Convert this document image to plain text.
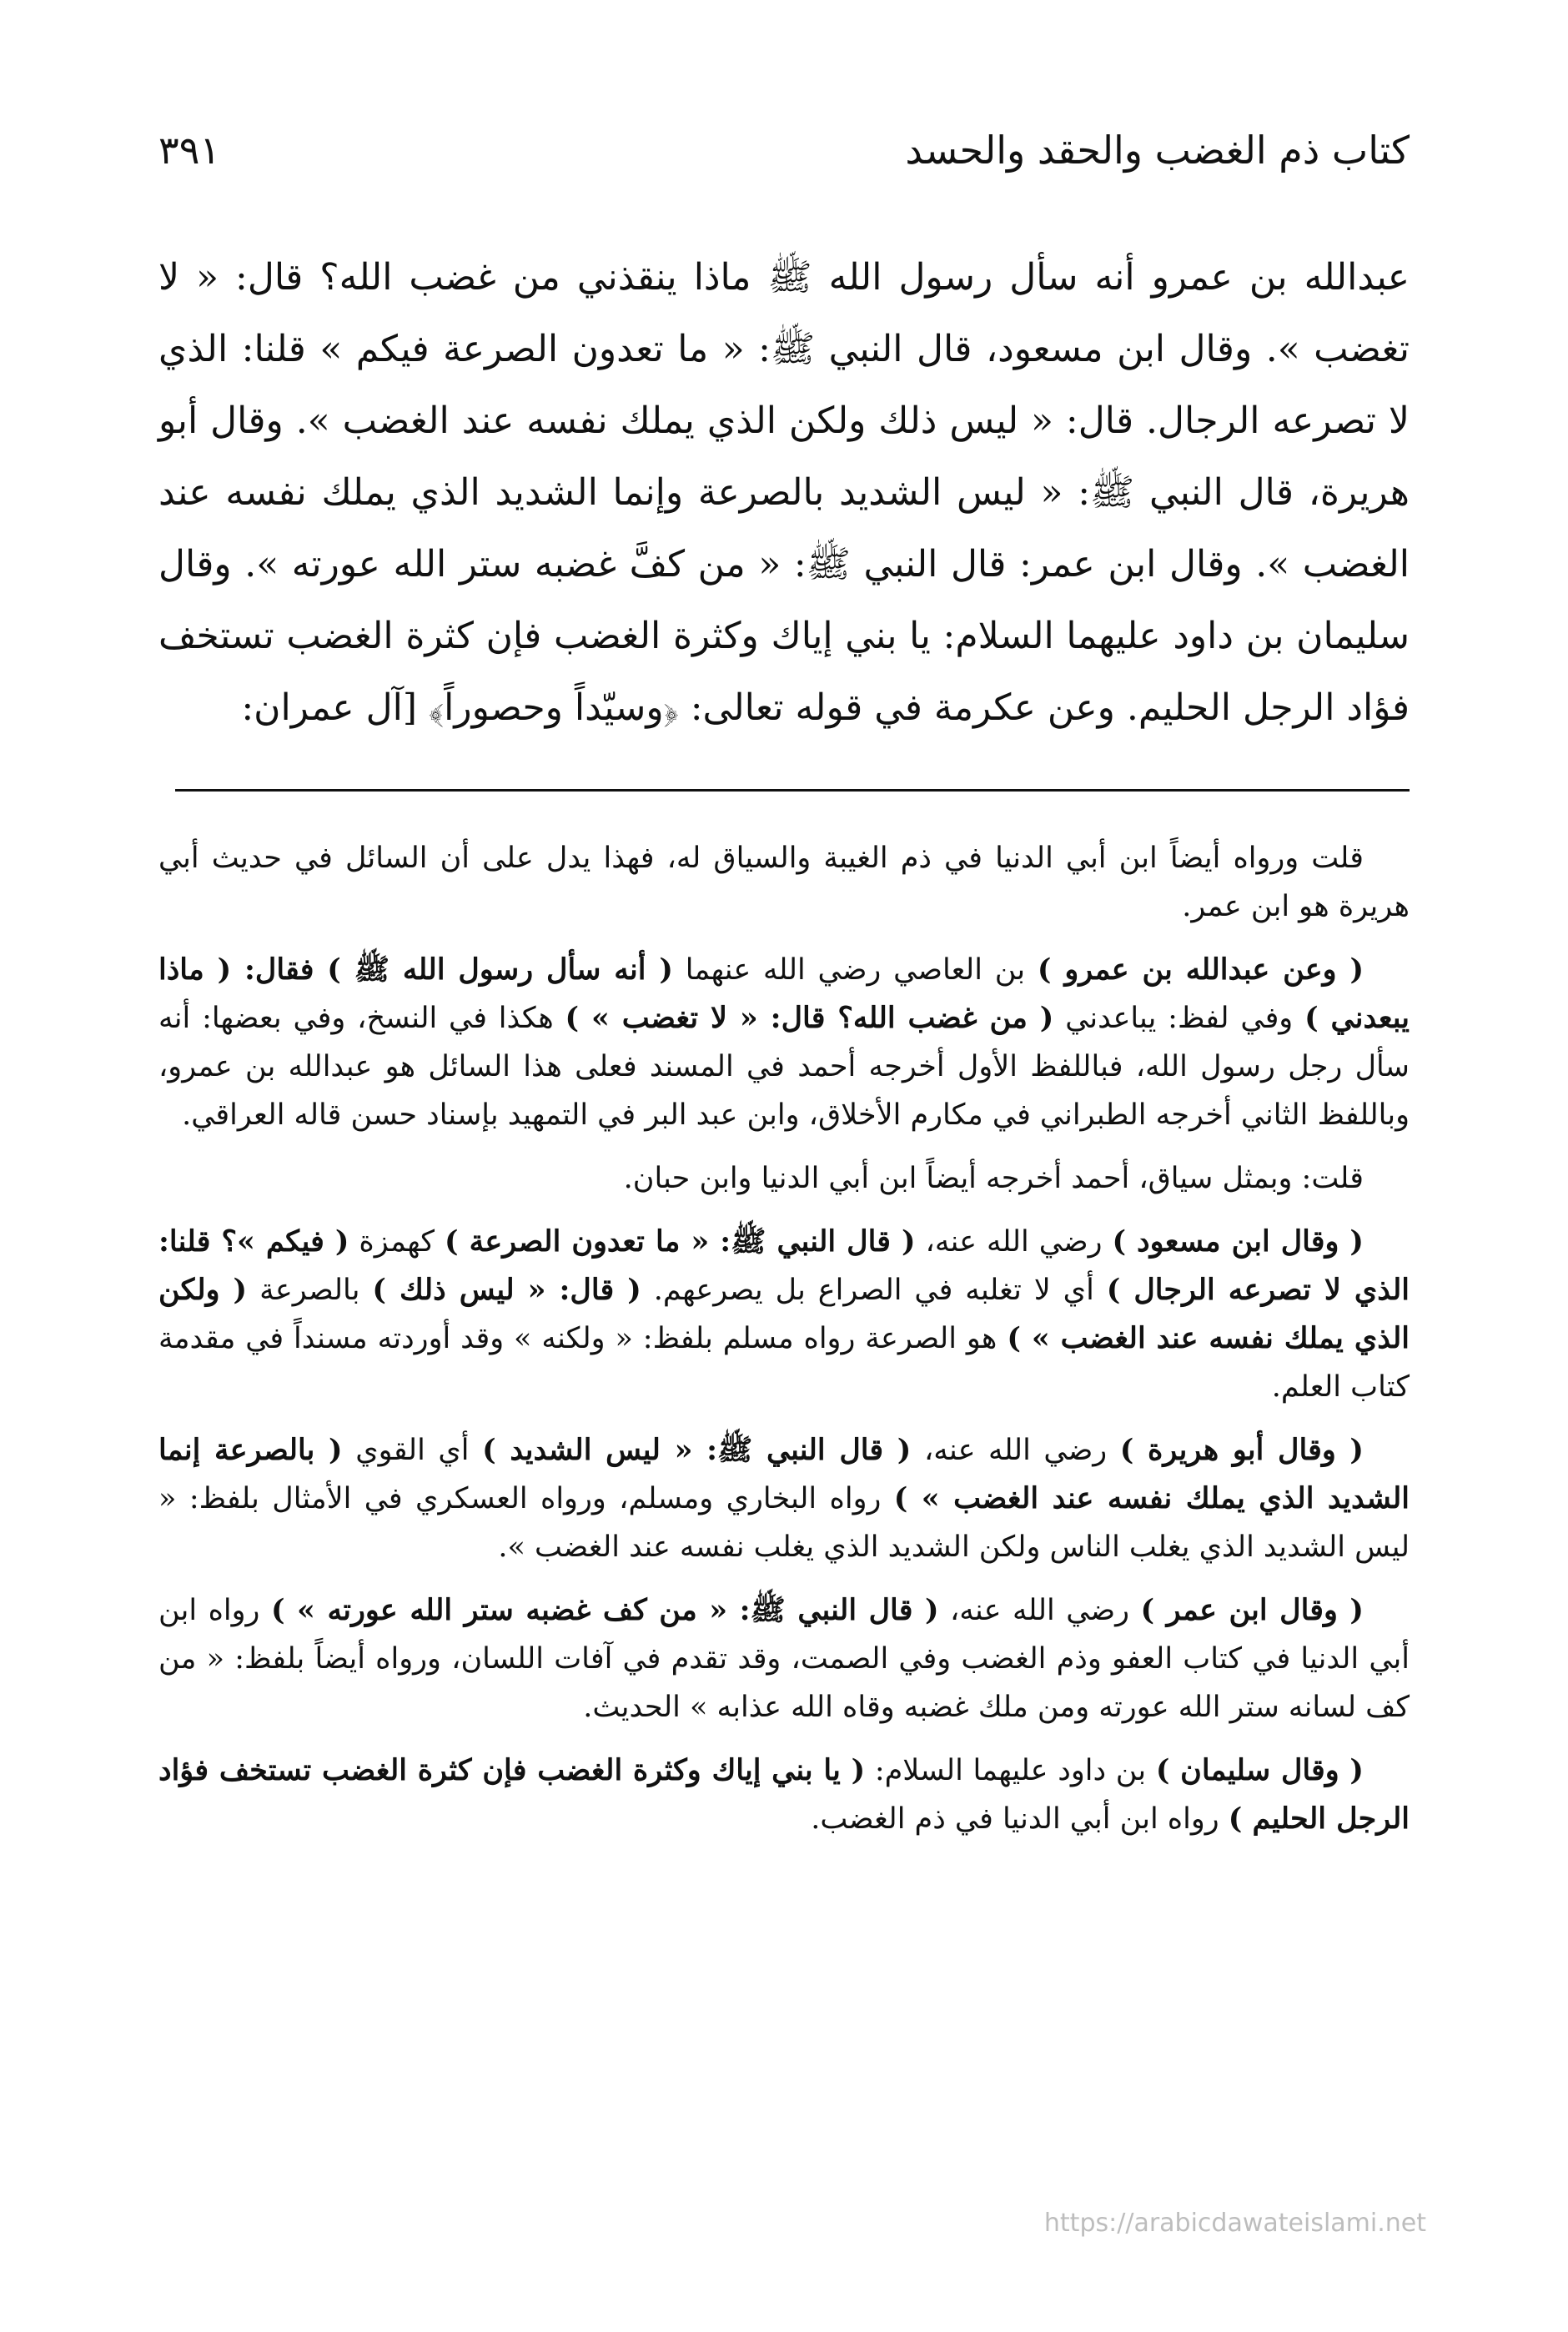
كتاب ذم الغضب والحقد والحسد
٣٩١

عبدالله بن عمرو أنه سأل رسول الله ﷺ ماذا ينقذني من غضب الله؟ قال: « لا تغضب ». وقال ابن مسعود، قال النبي ﷺ: « ما تعدون الصرعة فيكم » قلنا: الذي لا تصرعه الرجال. قال: « ليس ذلك ولكن الذي يملك نفسه عند الغضب ». وقال أبو هريرة، قال النبي ﷺ: « ليس الشديد بالصرعة وإنما الشديد الذي يملك نفسه عند الغضب ». وقال ابن عمر: قال النبي ﷺ: « من كفَّ غضبه ستر الله عورته ». وقال سليمان بن داود عليهما السلام: يا بني إياك وكثرة الغضب فإن كثرة الغضب تستخف فؤاد الرجل الحليم. وعن عكرمة في قوله تعالى: ﴿وسيّداً وحصوراً﴾ [آل عمران:

قلت ورواه أيضاً ابن أبي الدنيا في ذم الغيبة والسياق له، فهذا يدل على أن السائل في حديث أبي هريرة هو ابن عمر.

( وعن عبدالله بن عمرو ) بن العاصي رضي الله عنهما ( أنه سأل رسول الله ﷺ ) فقال: ( ماذا يبعدني ) وفي لفظ: يباعدني ( من غضب الله؟ قال: « لا تغضب » ) هكذا في النسخ، وفي بعضها: أنه سأل رجل رسول الله، فباللفظ الأول أخرجه أحمد في المسند فعلى هذا السائل هو عبدالله بن عمرو، وباللفظ الثاني أخرجه الطبراني في مكارم الأخلاق، وابن عبد البر في التمهيد بإسناد حسن قاله العراقي.

قلت: وبمثل سياق، أحمد أخرجه أيضاً ابن أبي الدنيا وابن حبان.

( وقال ابن مسعود ) رضي الله عنه، ( قال النبي ﷺ: « ما تعدون الصرعة ) كهمزة ( فيكم »؟ قلنا: الذي لا تصرعه الرجال ) أي لا تغلبه في الصراع بل يصرعهم. ( قال: « ليس ذلك ) بالصرعة ( ولكن الذي يملك نفسه عند الغضب » ) هو الصرعة رواه مسلم بلفظ: « ولكنه » وقد أوردته مسنداً في مقدمة كتاب العلم.

( وقال أبو هريرة ) رضي الله عنه، ( قال النبي ﷺ: « ليس الشديد ) أي القوي ( بالصرعة إنما الشديد الذي يملك نفسه عند الغضب » ) رواه البخاري ومسلم، ورواه العسكري في الأمثال بلفظ: « ليس الشديد الذي يغلب الناس ولكن الشديد الذي يغلب نفسه عند الغضب ».

( وقال ابن عمر ) رضي الله عنه، ( قال النبي ﷺ: « من كف غضبه ستر الله عورته » ) رواه ابن أبي الدنيا في كتاب العفو وذم الغضب وفي الصمت، وقد تقدم في آفات اللسان، ورواه أيضاً بلفظ: « من كف لسانه ستر الله عورته ومن ملك غضبه وقاه الله عذابه » الحديث.

( وقال سليمان ) بن داود عليهما السلام: ( يا بني إياك وكثرة الغضب فإن كثرة الغضب تستخف فؤاد الرجل الحليم ) رواه ابن أبي الدنيا في ذم الغضب.

https://arabicdawateislami.net
